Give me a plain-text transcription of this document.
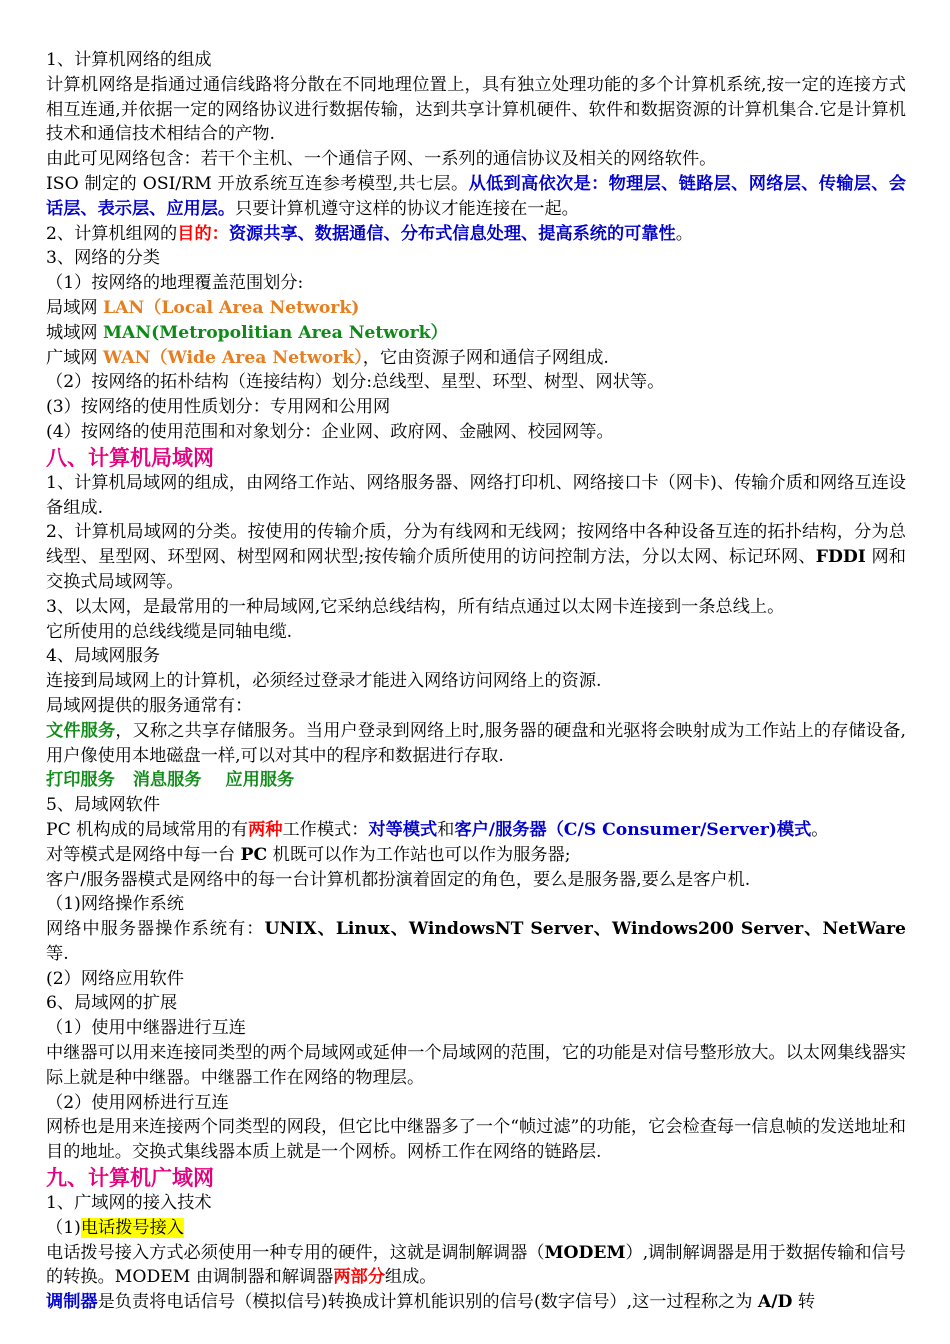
1、计算机网络的组成

计算机网络是指通过通信线路将分散在不同地理位置上，具有独立处理功能的多个计算机系统,按一定的连接方式相互连通,并依据一定的网络协议进行数据传输，达到共享计算机硬件、软件和数据资源的计算机集合.它是计算机技术和通信技术相结合的产物.

由此可见网络包含：若干个主机、一个通信子网、一系列的通信协议及相关的网络软件。

ISO 制定的 OSI/RM 开放系统互连参考模型,共七层。从低到高依次是：物理层、链路层、网络层、传输层、会话层、表示层、应用层。只要计算机遵守这样的协议才能连接在一起。

2、计算机组网的目的：资源共享、数据通信、分布式信息处理、提高系统的可靠性。

3、网络的分类

（1）按网络的地理覆盖范围划分:

局域网 LAN（Local Area Network)

城域网 MAN(Metropolitian Area Network）

广域网 WAN（Wide Area Network），它由资源子网和通信子网组成.

（2）按网络的拓朴结构（连接结构）划分:总线型、星型、环型、树型、网状等。

(3）按网络的使用性质划分：专用网和公用网

(4）按网络的使用范围和对象划分：企业网、政府网、金融网、校园网等。

八、计算机局域网

1、计算机局域网的组成，由网络工作站、网络服务器、网络打印机、网络接口卡（网卡)、传输介质和网络互连设备组成.

2、计算机局域网的分类。按使用的传输介质，分为有线网和无线网；按网络中各种设备互连的拓扑结构，分为总线型、星型网、环型网、树型网和网状型;按传输介质所使用的访问控制方法，分以太网、标记环网、FDDI 网和交换式局域网等。

3、以太网，是最常用的一种局域网,它采纳总线结构，所有结点通过以太网卡连接到一条总线上。

它所使用的总线线缆是同轴电缆.

4、局域网服务

连接到局域网上的计算机，必须经过登录才能进入网络访问网络上的资源.

局域网提供的服务通常有：

文件服务，又称之共享存储服务。当用户登录到网络上时,服务器的硬盘和光驱将会映射成为工作站上的存储设备,用户像使用本地磁盘一样,可以对其中的程序和数据进行存取.

打印服务   消息服务    应用服务

5、局域网软件

PC 机构成的局域常用的有两种工作模式：对等模式和客户/服务器（C/S Consumer/Server)模式。

对等模式是网络中每一台 PC 机既可以作为工作站也可以作为服务器;

客户/服务器模式是网络中的每一台计算机都扮演着固定的角色，要么是服务器,要么是客户机.

（1)网络操作系统

网络中服务器操作系统有：UNIX、Linux、WindowsNT Server、Windows200 Server、NetWare 等.

(2）网络应用软件

6、局域网的扩展

（1）使用中继器进行互连

中继器可以用来连接同类型的两个局域网或延伸一个局域网的范围，它的功能是对信号整形放大。以太网集线器实际上就是种中继器。中继器工作在网络的物理层。

（2）使用网桥进行互连

网桥也是用来连接两个同类型的网段，但它比中继器多了一个“帧过滤”的功能，它会检查每一信息帧的发送地址和目的地址。交换式集线器本质上就是一个网桥。网桥工作在网络的链路层.

九、计算机广域网

1、广域网的接入技术

（1)电话拨号接入

电话拨号接入方式必须使用一种专用的硬件，这就是调制解调器（MODEM）,调制解调器是用于数据传输和信号的转换。MODEM 由调制器和解调器两部分组成。

调制器是负责将电话信号（模拟信号)转换成计算机能识别的信号(数字信号）,这一过程称之为 A/D 转
